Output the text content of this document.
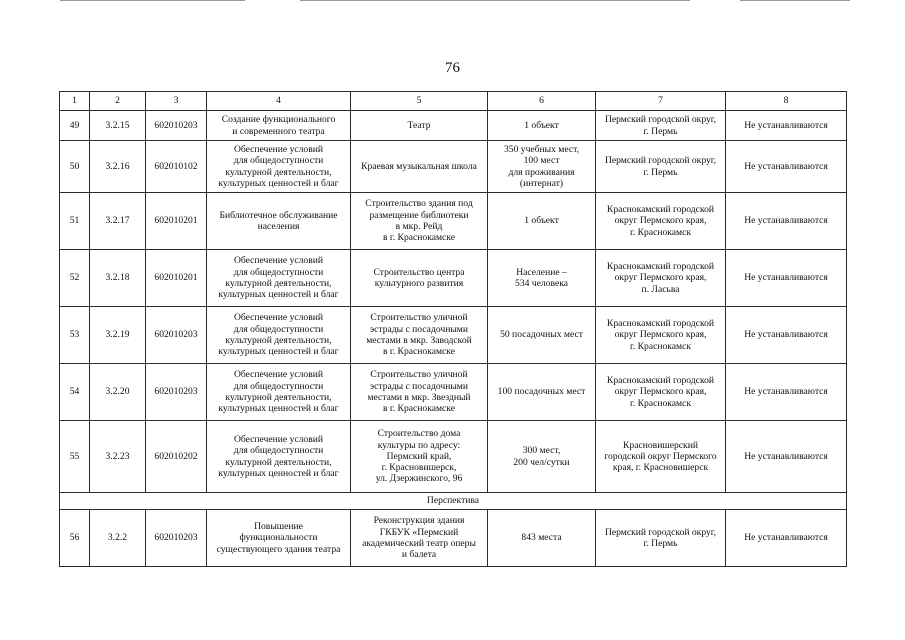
76
1	2	3	4	5	6	7	8
49	3.2.15	602010203	Создание функционального
и современного театра	Театр	1 объект	Пермский городской округ,
г. Пермь	Не устанавливаются
50	3.2.16	602010102	Обеспечение условий
для общедоступности
культурной деятельности,
культурных ценностей и благ	Краевая музыкальная школа	350 учебных мест,
100 мест
для проживания
(интернат)	Пермский городской округ,
г. Пермь	Не устанавливаются
51	3.2.17	602010201	Библиотечное обслуживание
населения	Строительство здания под
размещение библиотеки
в мкр. Рейд
в г. Краснокамске	1 объект	Краснокамский городской
округ Пермского края,
г. Краснокамск	Не устанавливаются
52	3.2.18	602010201	Обеспечение условий
для общедоступности
культурной деятельности,
культурных ценностей и благ	Строительство центра
культурного развития	Население –
534 человека	Краснокамский городской
округ Пермского края,
п. Ласьва	Не устанавливаются
53	3.2.19	602010203	Обеспечение условий
для общедоступности
культурной деятельности,
культурных ценностей и благ	Строительство уличной
эстрады с посадочными
местами в мкр. Заводской
в г. Краснокамске	50 посадочных мест	Краснокамский городской
округ Пермского края,
г. Краснокамск	Не устанавливаются
54	3.2.20	602010203	Обеспечение условий
для общедоступности
культурной деятельности,
культурных ценностей и благ	Строительство уличной
эстрады с посадочными
местами в мкр. Звездный
в г. Краснокамске	100 посадочных мест	Краснокамский городской
округ Пермского края,
г. Краснокамск	Не устанавливаются
55	3.2.23	602010202	Обеспечение условий
для общедоступности
культурной деятельности,
культурных ценностей и благ	Строительство дома
культуры по адресу:
Пермский край,
г. Красновишерск,
ул. Дзержинского, 96	300 мест,
200 чел/сутки	Красновишерский
городской округ Пермского
края, г. Красновишерск	Не устанавливаются
Перспектива							
56	3.2.2	602010203	Повышение
функциональности
существующего здания театра	Реконструкция здания
ГКБУК «Пермский
академический театр оперы
и балета	843 места	Пермский городской округ,
г. Пермь	Не устанавливаются
